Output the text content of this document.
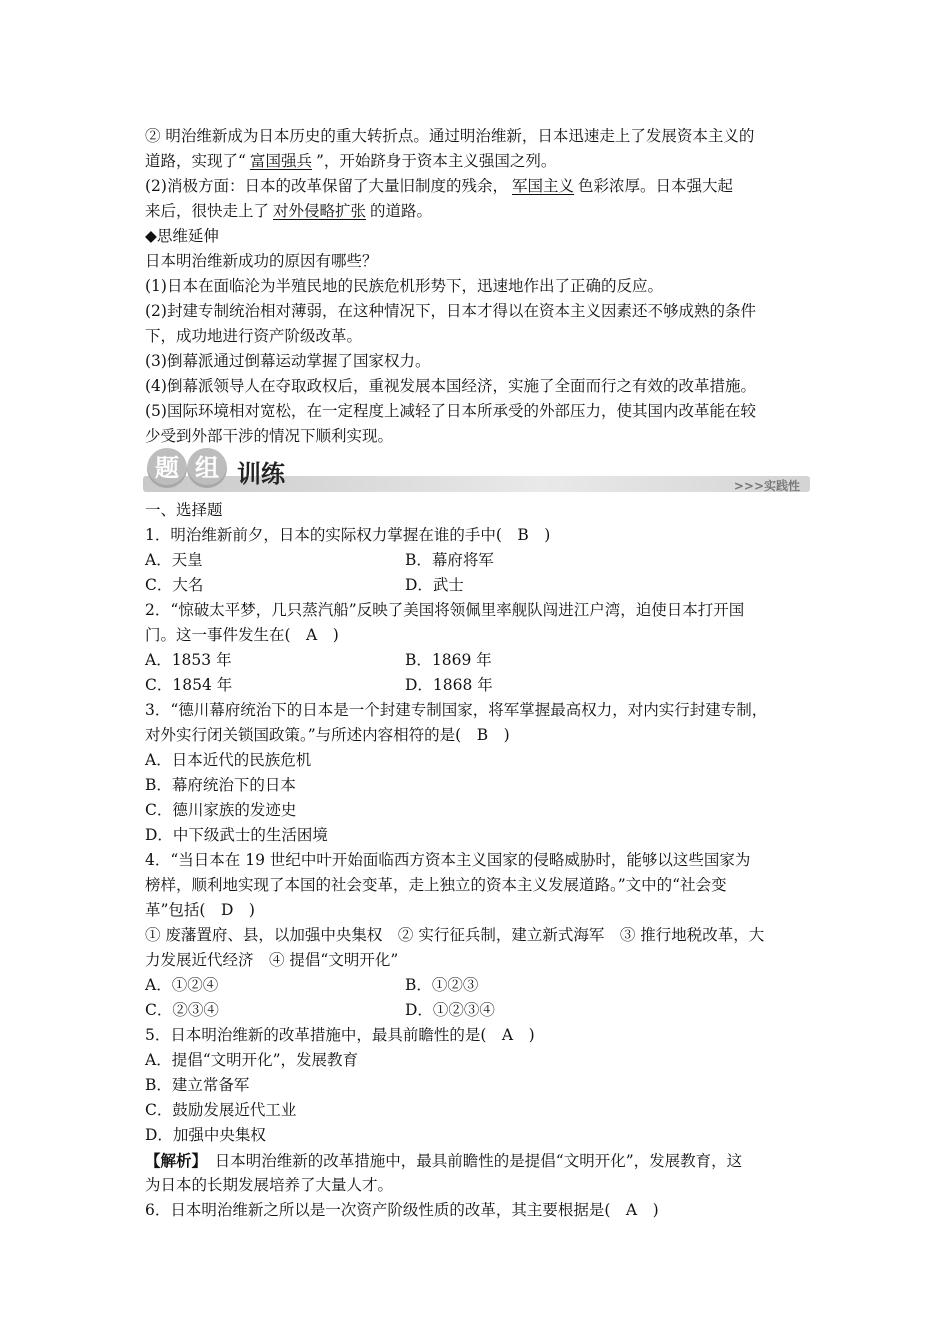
② 明治维新成为日本历史的重大转折点。通过明治维新，日本迅速走上了发展资本主义的
道路，实现了“ 富国强兵 ”，开始跻身于资本主义强国之列。
(2)消极方面：日本的改革保留了大量旧制度的残余， 军国主义 色彩浓厚。日本强大起
来后，很快走上了 对外侵略扩张 的道路。
◆思维延伸
日本明治维新成功的原因有哪些？
(1)日本在面临沦为半殖民地的民族危机形势下，迅速地作出了正确的反应。
(2)封建专制统治相对薄弱，在这种情况下，日本才得以在资本主义因素还不够成熟的条件
下，成功地进行资产阶级改革。
(3)倒幕派通过倒幕运动掌握了国家权力。
(4)倒幕派领导人在夺取政权后，重视发展本国经济，实施了全面而行之有效的改革措施。
(5)国际环境相对宽松，在一定程度上减轻了日本所承受的外部压力，使其国内改革能在较
少受到外部干涉的情况下顺利实现。
题 组 训练	>>>实践性
一、选择题
1．明治维新前夕，日本的实际权力掌握在谁的手中(　B　)
A．天皇	B．幕府将军
C．大名	D．武士
2．“惊破太平梦，几只蒸汽船”反映了美国将领佩里率舰队闯进江户湾，迫使日本打开国
门。这一事件发生在(　A　)
A．1853 年	B．1869 年
C．1854 年	D．1868 年
3．“德川幕府统治下的日本是一个封建专制国家，将军掌握最高权力，对内实行封建专制，
对外实行闭关锁国政策。”与所述内容相符的是(　B　)
A．日本近代的民族危机
B．幕府统治下的日本
C．德川家族的发迹史
D．中下级武士的生活困境
4．“当日本在 19 世纪中叶开始面临西方资本主义国家的侵略威胁时，能够以这些国家为
榜样，顺利地实现了本国的社会变革，走上独立的资本主义发展道路。”文中的“社会变
革”包括(　D　)
① 废藩置府、县，以加强中央集权　② 实行征兵制，建立新式海军　③ 推行地税改革，大
力发展近代经济　④ 提倡“文明开化”
A．①②④	B．①②③
C．②③④	D．①②③④
5．日本明治维新的改革措施中，最具前瞻性的是(　A　)
A．提倡“文明开化”，发展教育
B．建立常备军
C．鼓励发展近代工业
D．加强中央集权
【解析】　日本明治维新的改革措施中，最具前瞻性的是提倡“文明开化”，发展教育，这
为日本的长期发展培养了大量人才。
6．日本明治维新之所以是一次资产阶级性质的改革，其主要根据是(　A　)
